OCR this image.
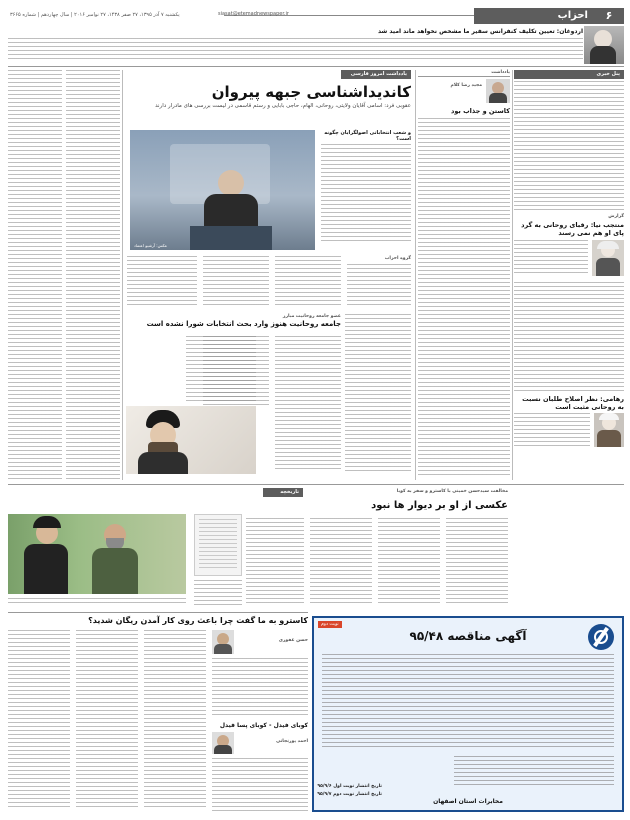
۶
احزاب
siasat@etemadnewspaper.ir
یکشنبه ۷ آذر ۱۳۹۵، ۲۷ صفر ۱۴۳۸، ۲۷ نوامبر ۲۰۱۶ | سال چهاردهم | شماره ۳۶۶۵
اردوغان: تعیین تکلیف کنفرانس سفیر ما مشخص نخواهد ماند امید شد
پنل خبری
گزارش
منتجب نیا: رقبای روحانی به گرد پای او هم نمی رسند
رهامی: نظر اصلاح طلبان نسبت به روحانی مثبت است
یادداشت
مجید رضا کلام
کاستن و جذاب بود
یادداشت امروز فارسی
کاندیداشناسی جبهه پیروان
عقوبی فرد: اسامی آقایان ولایتی، روحانی، الهام، حاجی بابایی و رستم قاسمی در لیست بررسی های مادرار دارند
عکس: آرشیو اعتماد
و شعب انتخاباتی اصولگرایان چگونه است؟
گروه احزاب
عضو جامعه روحانیت مبارز
جامعه روحانیت هنوز وارد بحث انتخابات شورا نشده است
تاریخچه	مخالفت سیدحسن خمینی با کاسترو و سفر به کوبا
عکسی از او بر دیوار ها نبود
کاسترو به ما گفت چرا باعث روی کار آمدن ریگان شدید؟
حسن غفوری
کوبای فیدل - کوبای پسا فیدل
احمد پورنجاتی
نوبت دوم
آگهی مناقصه ۹۵/۴۸
تاریخ انتشار نوبت اول ۹۵/۹/۶
تاریخ انتشار نوبت دوم ۹۵/۹/۷
مخابرات استان اصفهان
